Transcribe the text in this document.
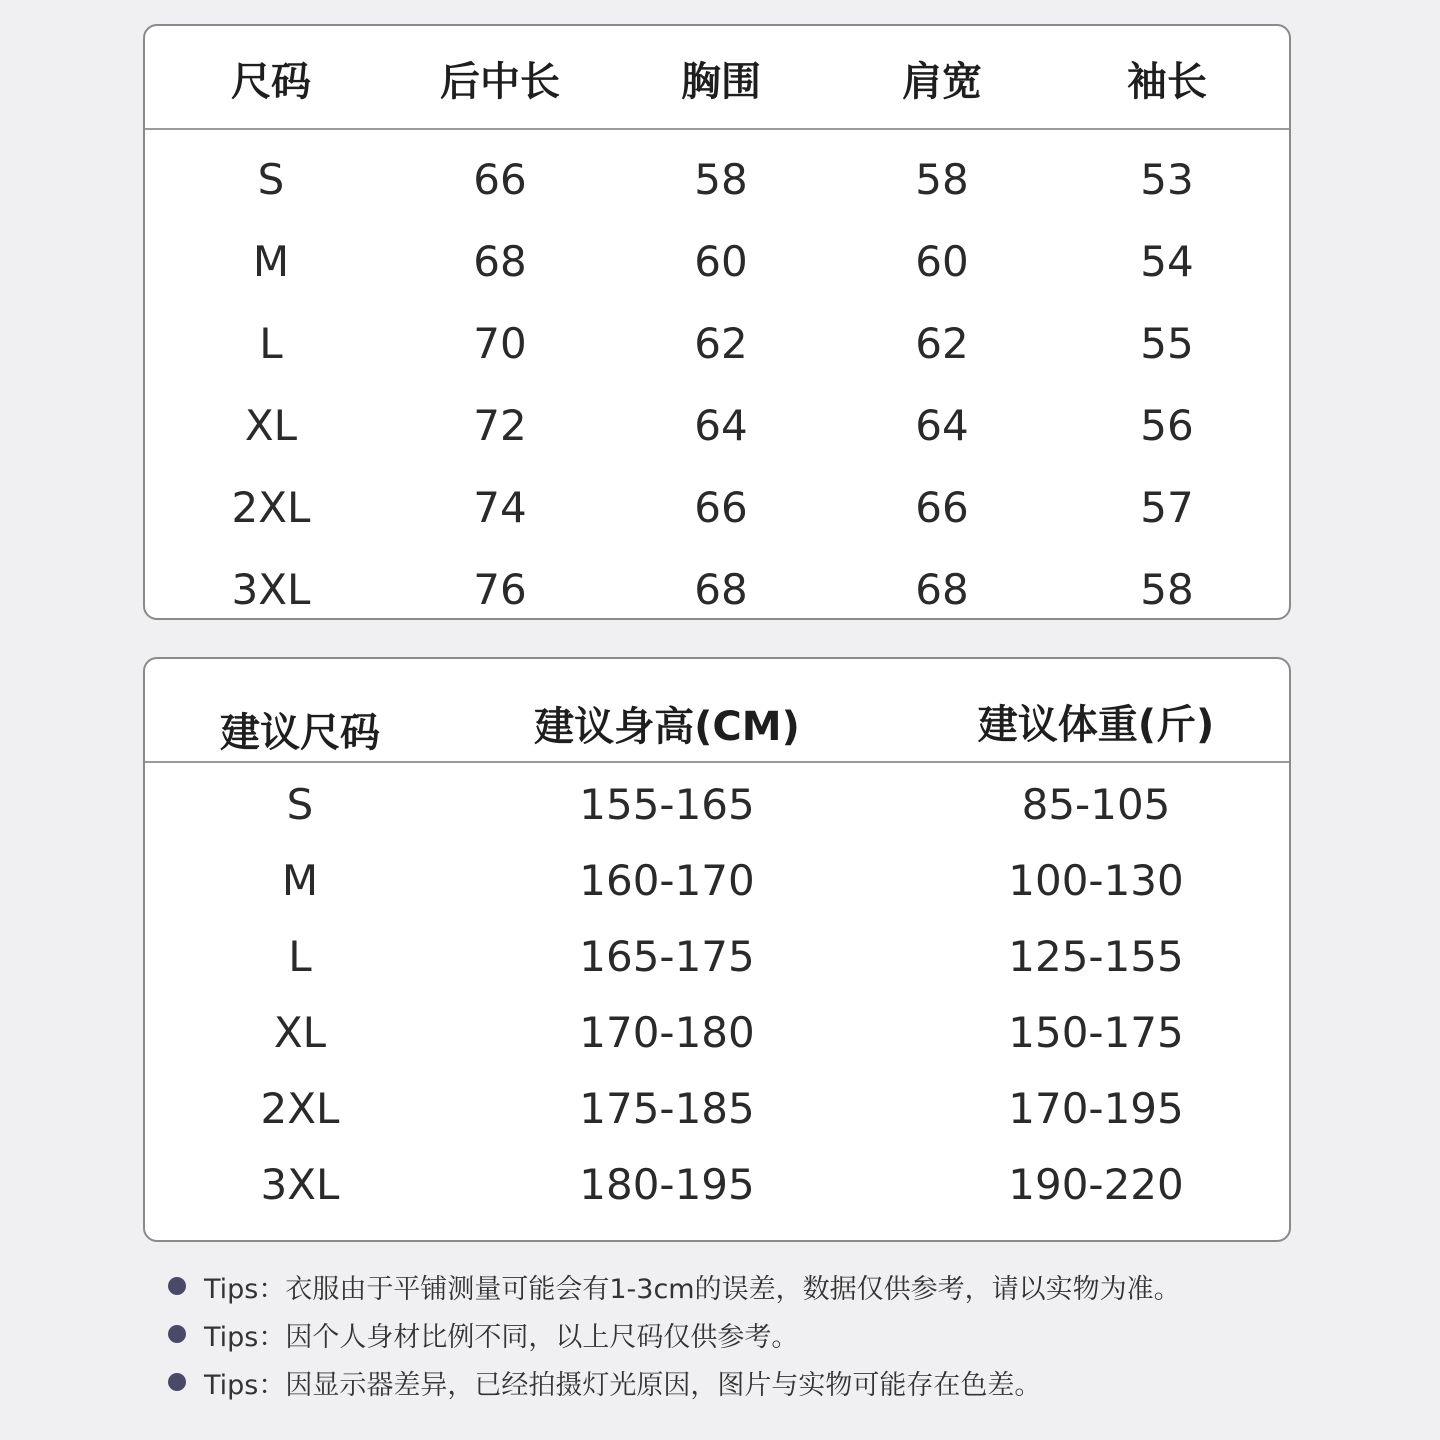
尺码	后中长	胸围	肩宽	袖长
S	66	58	58	53
M	68	60	60	54
L	70	62	62	55
XL	72	64	64	56
2XL	74	66	66	57
3XL	76	68	68	58
建议尺码	建议身高(CM)	建议体重(斤)
S	155-165	85-105
M	160-170	100-130
L	165-175	125-155
XL	170-180	150-175
2XL	175-185	170-195
3XL	180-195	190-220
Tips：衣服由于平铺测量可能会有1-3cm的误差，数据仅供参考，请以实物为准。
Tips：因个人身材比例不同，以上尺码仅供参考。
Tips：因显示器差异，已经拍摄灯光原因，图片与实物可能存在色差。
